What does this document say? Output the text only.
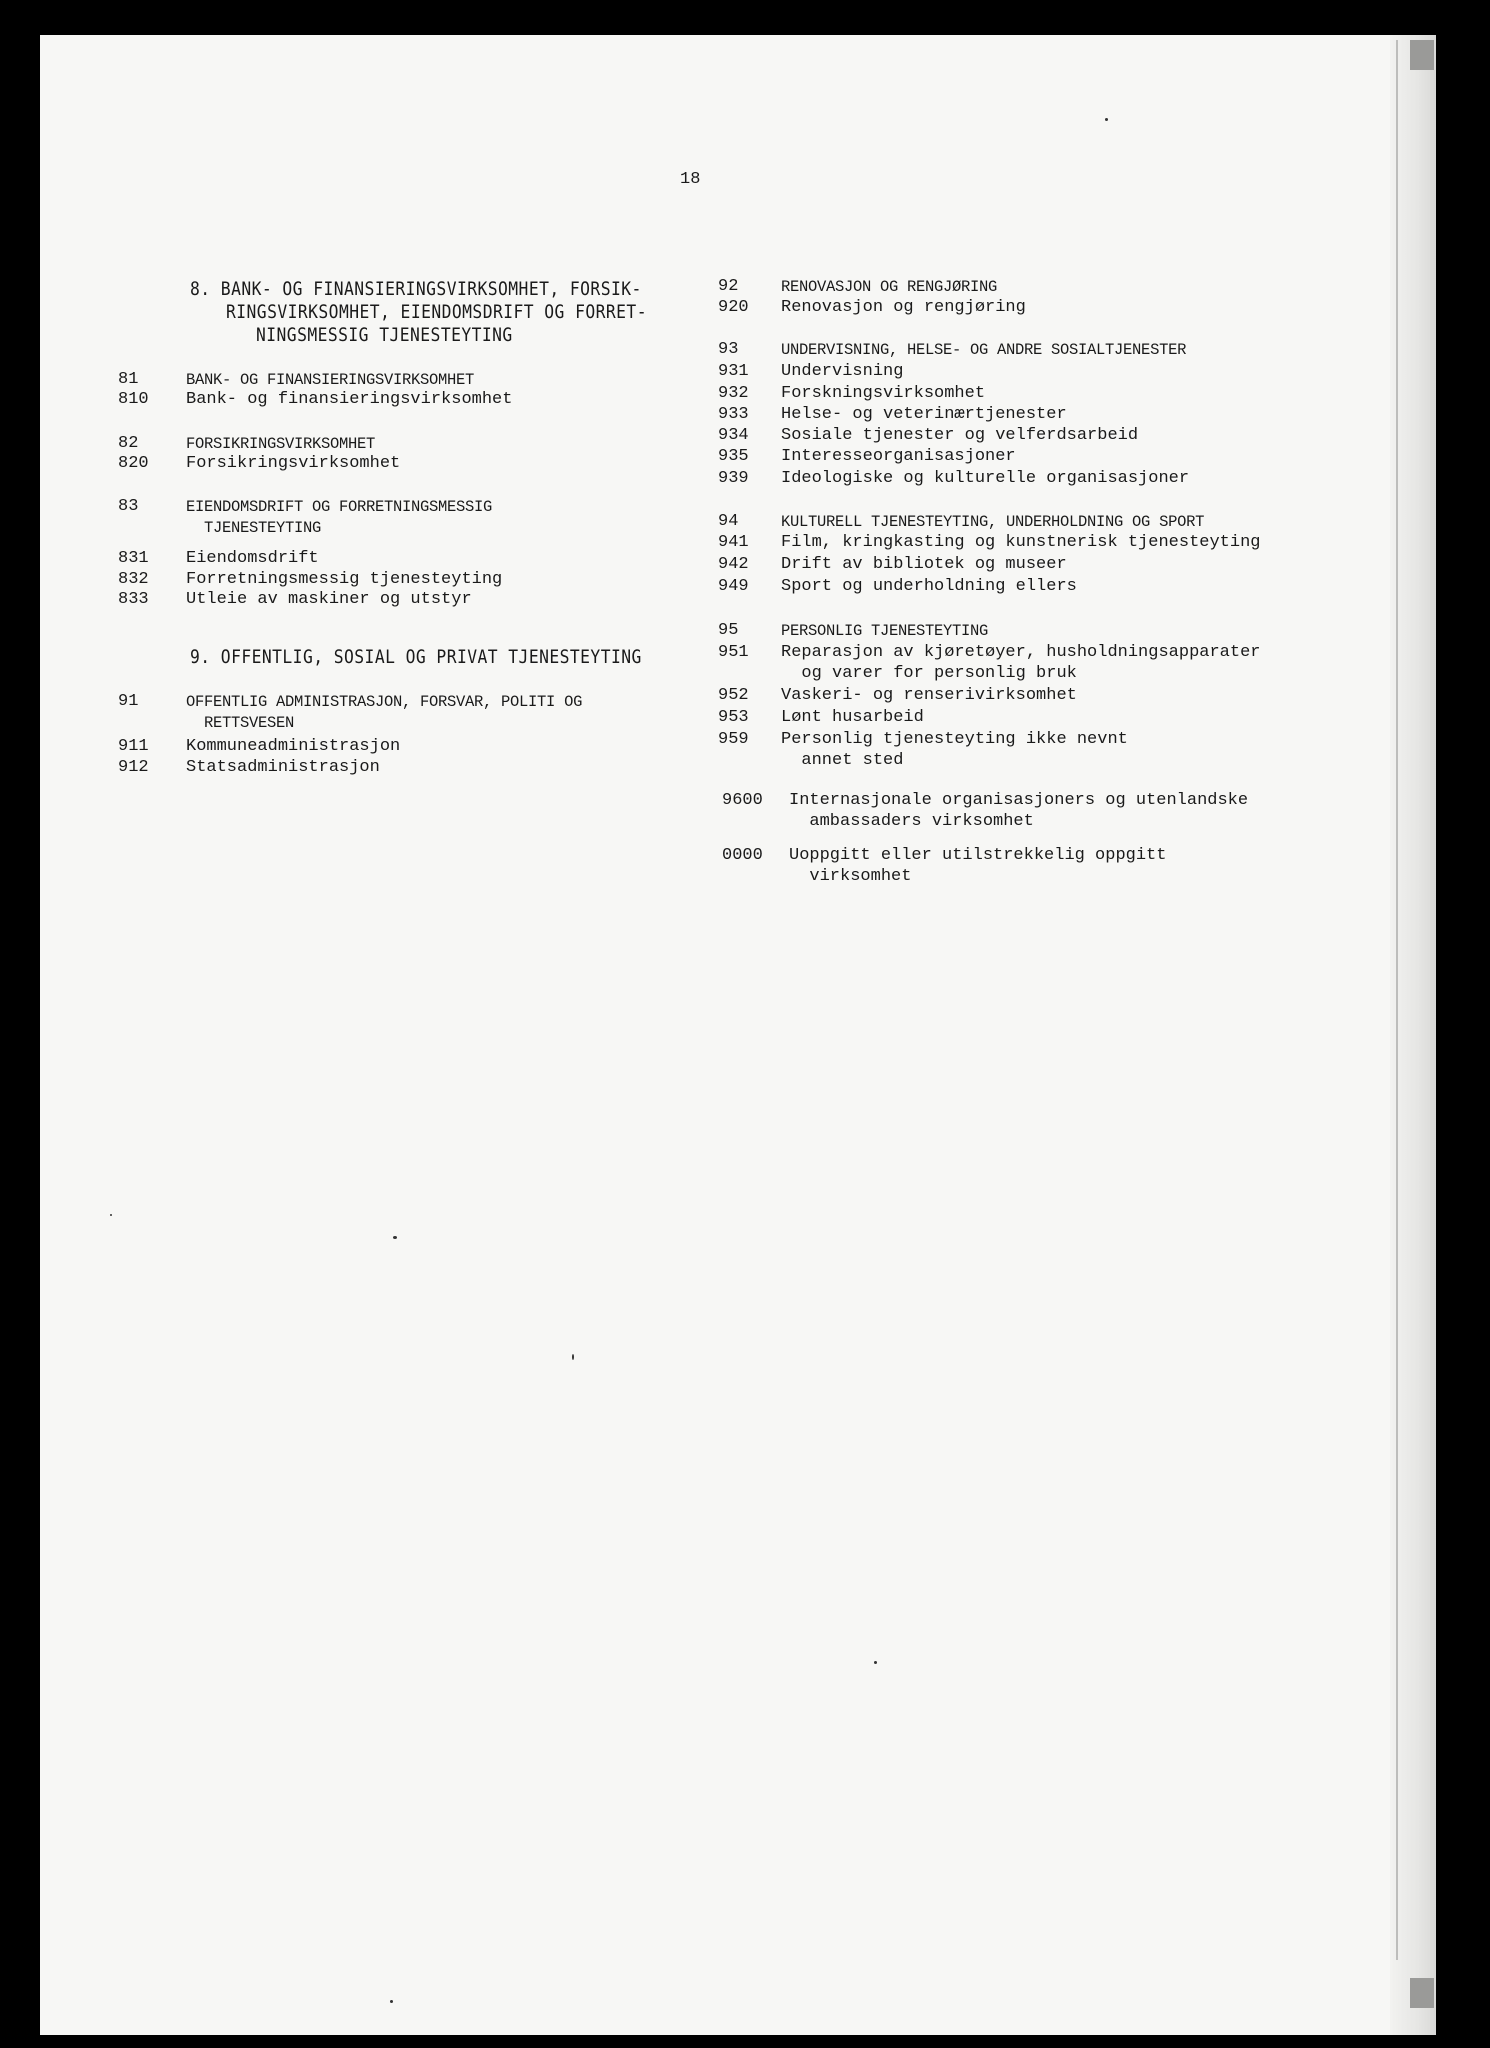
18
8. BANK- OG FINANSIERINGSVIRKSOMHET, FORSIK-
RINGSVIRKSOMHET, EIENDOMSDRIFT OG FORRET-
NINGSMESSIG TJENESTEYTING
9. OFFENTLIG, SOSIAL OG PRIVAT TJENESTEYTING
81	BANK- OG FINANSIERINGSVIRKSOMHET
810 Bank- og finansieringsvirksomhet
82	FORSIKRINGSVIRKSOMHET
820 Forsikringsvirksomhet
83	EIENDOMSDRIFT OG FORRETNINGSMESSIG
TJENESTEYTING
831 Eiendomsdrift
832 Forretningsmessig tjenesteyting
833 Utleie av maskiner og utstyr
91	OFFENTLIG ADMINISTRASJON, FORSVAR, POLITI OG
RETTSVESEN
911 Kommuneadministrasjon
912 Statsadministrasjon
92	RENOVASJON OG RENGJØRING
920 Renovasjon og rengjøring
93	UNDERVISNING, HELSE- OG ANDRE SOSIALTJENESTER
931 Undervisning
932 Forskningsvirksomhet
933 Helse- og veterinærtjenester
934 Sosiale tjenester og velferdsarbeid
935 Interesseorganisasjoner
939 Ideologiske og kulturelle organisasjoner
94	KULTURELL TJENESTEYTING, UNDERHOLDNING OG SPORT
941 Film, kringkasting og kunstnerisk tjenesteyting
942 Drift av bibliotek og museer
949 Sport og underholdning ellers
95	PERSONLIG TJENESTEYTING
951 Reparasjon av kjøretøyer, husholdningsapparater
og varer for personlig bruk
952 Vaskeri- og renserivirksomhet
953 Lønt husarbeid
959 Personlig tjenesteyting ikke nevnt
annet sted
9600 Internasjonale organisasjoners og utenlandske
ambassaders virksomhet
0000 Uoppgitt eller utilstrekkelig oppgitt
virksomhet
